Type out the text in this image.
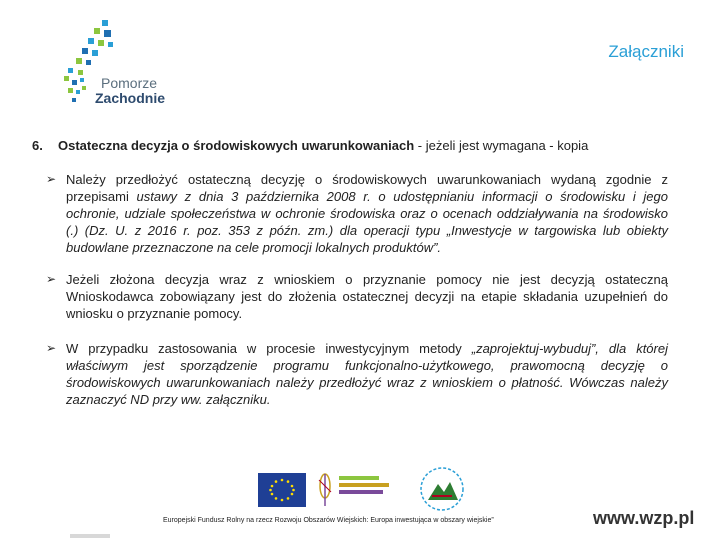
Pomorze
Zachodnie
Załączniki
6. Ostateczna decyzja o środowiskowych uwarunkowaniach - jeżeli jest wymagana - kopia
➢ Należy przedłożyć ostateczną decyzję o środowiskowych uwarunkowaniach wydaną zgodnie z przepisami ustawy z dnia 3 października 2008 r. o udostępnianiu informacji o środowisku i jego ochronie, udziale społeczeństwa w ochronie środowiska oraz o ocenach oddziaływania na środowisko (.) (Dz. U. z 2016 r. poz. 353 z późn. zm.) dla operacji typu „Inwestycje w targowiska lub obiekty budowlane przeznaczone na cele promocji lokalnych produktów”.
➢ Jeżeli złożona decyzja wraz z wnioskiem o przyznanie pomocy nie jest decyzją ostateczną Wnioskodawca zobowiązany jest do złożenia ostatecznej decyzji na etapie składania uzupełnień do wniosku o przyznanie pomocy.
➢ W przypadku zastosowania w procesie inwestycyjnym metody „zaprojektuj-wybuduj”, dla której właściwym jest sporządzenie programu funkcjonalno-użytkowego, prawomocną decyzję o środowiskowych uwarunkowaniach należy przedłożyć wraz z wnioskiem o płatność. Wówczas należy zaznaczyć ND przy ww. załączniku.
Europejski Fundusz Rolny na rzecz Rozwoju Obszarów Wiejskich: Europa inwestująca w obszary wiejskie”	www.wzp.pl
